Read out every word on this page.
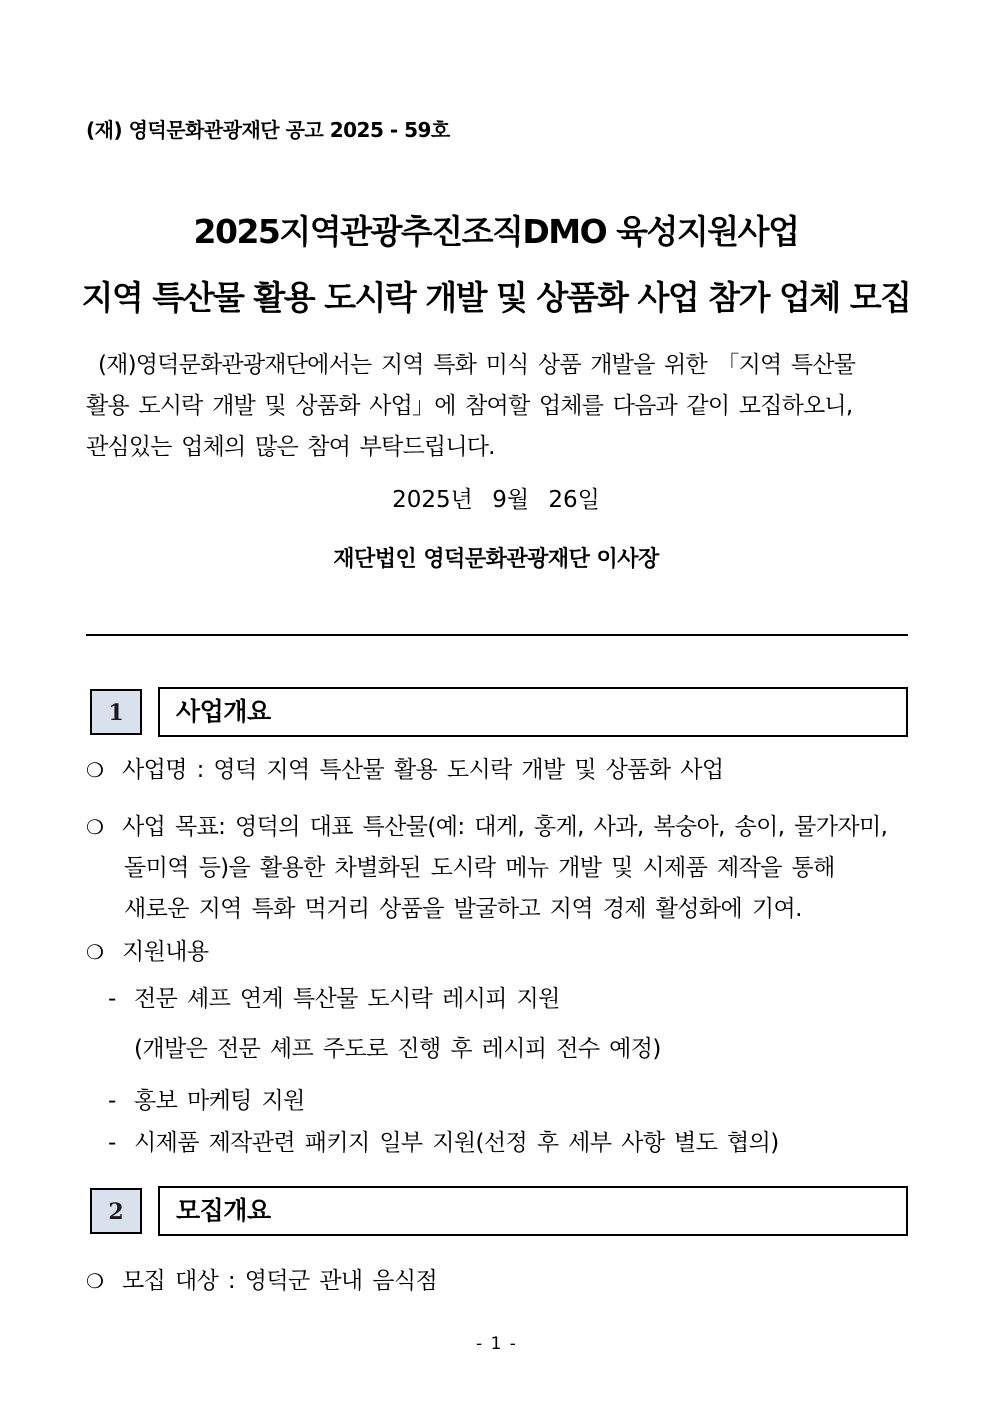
(재) 영덕문화관광재단 공고 2025 - 59호
2025지역관광추진조직DMO 육성지원사업
지역 특산물 활용 도시락 개발 및 상품화 사업 참가 업체 모집
(재)영덕문화관광재단에서는 지역 특화 미식 상품 개발을 위한 「지역 특산물
활용 도시락 개발 및 상품화 사업」에 참여할 업체를 다음과 같이 모집하오니,
관심있는 업체의 많은 참여 부탁드립니다.
2025년 9월 26일
재단법인 영덕문화관광재단 이사장
1	사업개요
❍ 사업명 : 영덕 지역 특산물 활용 도시락 개발 및 상품화 사업
❍ 사업 목표: 영덕의 대표 특산물(예: 대게, 홍게, 사과, 복숭아, 송이, 물가자미,
돌미역 등)을 활용한 차별화된 도시락 메뉴 개발 및 시제품 제작을 통해
새로운 지역 특화 먹거리 상품을 발굴하고 지역 경제 활성화에 기여.
❍ 지원내용
- 전문 셰프 연계 특산물 도시락 레시피 지원
(개발은 전문 셰프 주도로 진행 후 레시피 전수 예정)
- 홍보 마케팅 지원
- 시제품 제작관련 패키지 일부 지원(선정 후 세부 사항 별도 협의)
2	모집개요
❍ 모집 대상 : 영덕군 관내 음식점
- 1 -
